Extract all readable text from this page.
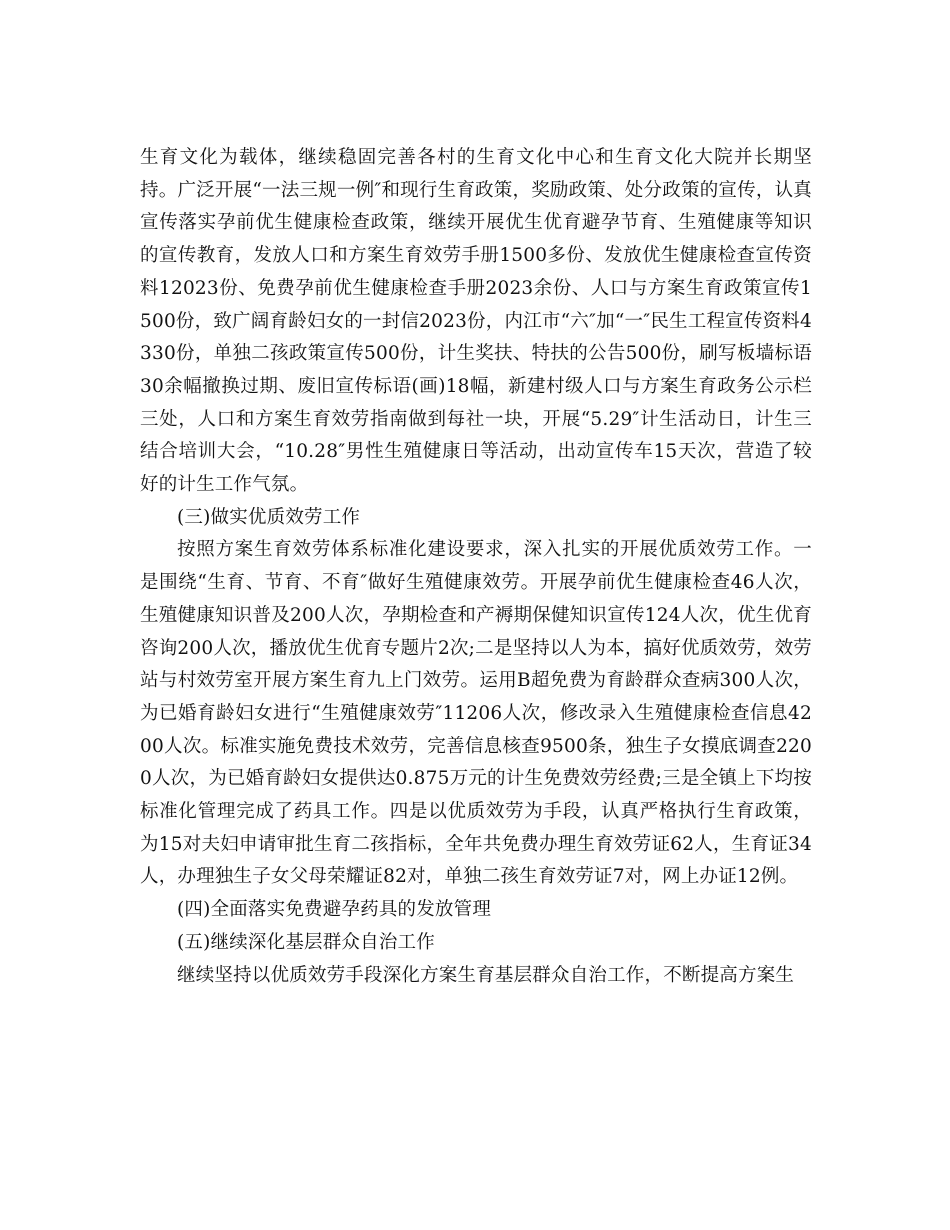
生育文化为载体，继续稳固完善各村的生育文化中心和生育文化大院并长期坚持。广泛开展“一法三规一例″和现行生育政策，奖励政策、处分政策的宣传，认真宣传落实孕前优生健康检查政策，继续开展优生优育避孕节育、生殖健康等知识的宣传教育，发放人口和方案生育效劳手册1500多份、发放优生健康检查宣传资料12023份、免费孕前优生健康检查手册2023余份、人口与方案生育政策宣传1500份，致广阔育龄妇女的一封信2023份，内江市“六″加“一″民生工程宣传资料4330份，单独二孩政策宣传500份，计生奖扶、特扶的公告500份，刷写板墙标语30余幅撤换过期、废旧宣传标语(画)18幅，新建村级人口与方案生育政务公示栏三处，人口和方案生育效劳指南做到每社一块，开展“5.29″计生活动日，计生三结合培训大会，“10.28″男性生殖健康日等活动，出动宣传车15天次，营造了较好的计生工作气氛。

(三)做实优质效劳工作

按照方案生育效劳体系标准化建设要求，深入扎实的开展优质效劳工作。一是围绕“生育、节育、不育″做好生殖健康效劳。开展孕前优生健康检查46人次，生殖健康知识普及200人次，孕期检查和产褥期保健知识宣传124人次，优生优育咨询200人次，播放优生优育专题片2次;二是坚持以人为本，搞好优质效劳，效劳站与村效劳室开展方案生育九上门效劳。运用B超免费为育龄群众查病300人次，为已婚育龄妇女进行“生殖健康效劳″11206人次，修改录入生殖健康检查信息4200人次。标准实施免费技术效劳，完善信息核查9500条，独生子女摸底调查2200人次，为已婚育龄妇女提供达0.875万元的计生免费效劳经费;三是全镇上下均按标准化管理完成了药具工作。四是以优质效劳为手段，认真严格执行生育政策，为15对夫妇申请审批生育二孩指标，全年共免费办理生育效劳证62人，生育证34人，办理独生子女父母荣耀证82对，单独二孩生育效劳证7对，网上办证12例。

(四)全面落实免费避孕药具的发放管理

(五)继续深化基层群众自治工作

继续坚持以优质效劳手段深化方案生育基层群众自治工作，不断提高方案生
